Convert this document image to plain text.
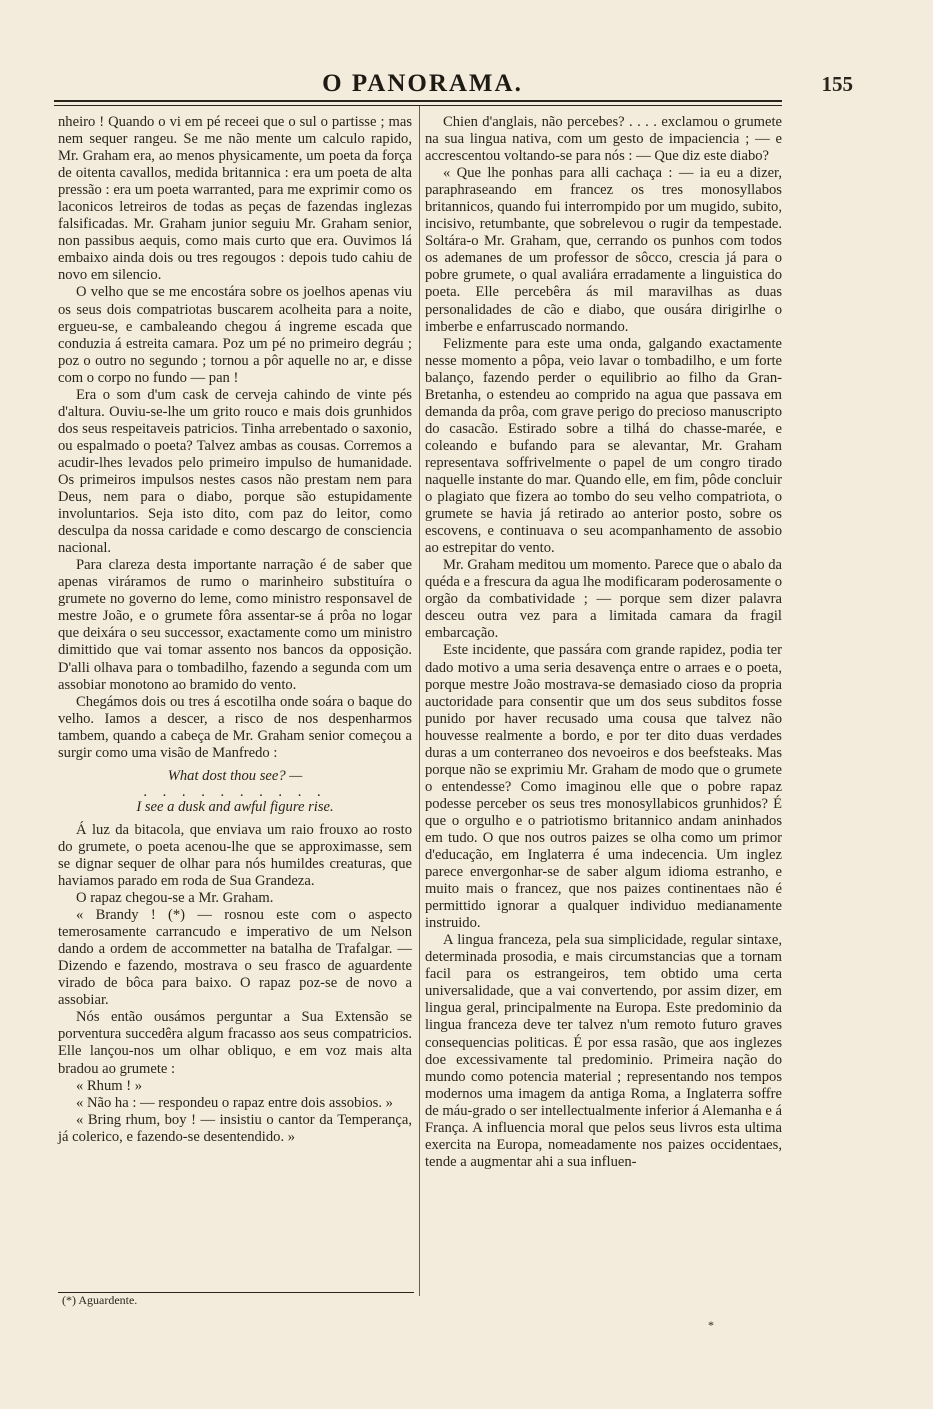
O PANORAMA.	155

nheiro ! Quando o vi em pé receei que o sul o partisse ; mas nem sequer rangeu. Se me não mente um calculo rapido, Mr. Graham era, ao menos physicamente, um poeta da força de oitenta cavallos, medida britannica : era um poeta de alta pressão : era um poeta warranted, para me exprimir como os laconicos letreiros de todas as peças de fazendas inglezas falsificadas. Mr. Graham junior seguiu Mr. Graham senior, non passibus aequis, como mais curto que era. Ouvimos lá embaixo ainda dois ou tres regougos : depois tudo cahiu de novo em silencio.

O velho que se me encostára sobre os joelhos apenas viu os seus dois compatriotas buscarem acolheita para a noite, ergueu-se, e cambaleando chegou á ingreme escada que conduzia á estreita camara. Poz um pé no primeiro degráu ; poz o outro no segundo ; tornou a pôr aquelle no ar, e disse com o corpo no fundo — pan !

Era o som d'um cask de cerveja cahindo de vinte pés d'altura. Ouviu-se-lhe um grito rouco e mais dois grunhidos dos seus respeitaveis patricios. Tinha arrebentado o saxonio, ou espalmado o poeta? Talvez ambas as cousas. Corremos a acudir-lhes levados pelo primeiro impulso de humanidade. Os primeiros impulsos nestes casos não prestam nem para Deus, nem para o diabo, porque são estupidamente involuntarios. Seja isto dito, com paz do leitor, como desculpa da nossa caridade e como descargo de consciencia nacional.

Para clareza desta importante narração é de saber que apenas viráramos de rumo o marinheiro substituíra o grumete no governo do leme, como ministro responsavel de mestre João, e o grumete fôra assentar-se á prôa no logar que deixára o seu successor, exactamente como um ministro dimittido que vai tomar assento nos bancos da opposição. D'alli olhava para o tombadilho, fazendo a segunda com um assobiar monotono ao bramido do vento.

Chegámos dois ou tres á escotilha onde soára o baque do velho. Iamos a descer, a risco de nos despenharmos tambem, quando a cabeça de Mr. Graham senior começou a surgir como uma visão de Manfredo :

What dost thou see? —

. . . . . . . . . .

I see a dusk and awful figure rise.

Á luz da bitacola, que enviava um raio frouxo ao rosto do grumete, o poeta acenou-lhe que se approximasse, sem se dignar sequer de olhar para nós humildes creaturas, que haviamos parado em roda de Sua Grandeza.

O rapaz chegou-se a Mr. Graham.

« Brandy ! (*) — rosnou este com o aspecto temerosamente carrancudo e imperativo de um Nelson dando a ordem de accommetter na batalha de Trafalgar. — Dizendo e fazendo, mostrava o seu frasco de aguardente virado de bôca para baixo. O rapaz poz-se de novo a assobiar.

Nós então ousámos perguntar a Sua Extensão se porventura succedêra algum fracasso aos seus compatricios. Elle lançou-nos um olhar obliquo, e em voz mais alta bradou ao grumete :

« Rhum ! »

« Não ha : — respondeu o rapaz entre dois assobios. »

« Bring rhum, boy ! — insistiu o cantor da Temperança, já colerico, e fazendo-se desentendido. »

(*) Aguardente.

Chien d'anglais, não percebes? . . . . exclamou o grumete na sua lingua nativa, com um gesto de impaciencia ; — e accrescentou voltando-se para nós : — Que diz este diabo?

« Que lhe ponhas para alli cachaça : — ia eu a dizer, paraphraseando em francez os tres monosyllabos britannicos, quando fui interrompido por um mugido, subito, incisivo, retumbante, que sobrelevou o rugir da tempestade. Soltára-o Mr. Graham, que, cerrando os punhos com todos os ademanes de um professor de sôcco, crescia já para o pobre grumete, o qual avaliára erradamente a linguistica do poeta. Elle percebêra ás mil maravilhas as duas personalidades de cão e diabo, que ousára dirigirlhe o imberbe e enfarruscado normando.

Felizmente para este uma onda, galgando exactamente nesse momento a pôpa, veio lavar o tombadilho, e um forte balanço, fazendo perder o equilibrio ao filho da Gran-Bretanha, o estendeu ao comprido na agua que passava em demanda da prôa, com grave perigo do precioso manuscripto do casacão. Estirado sobre a tilhá do chasse-marée, e coleando e bufando para se alevantar, Mr. Graham representava soffrivelmente o papel de um congro tirado naquelle instante do mar. Quando elle, em fim, pôde concluir o plagiato que fizera ao tombo do seu velho compatriota, o grumete se havia já retirado ao anterior posto, sobre os escovens, e continuava o seu acompanhamento de assobio ao estrepitar do vento.

Mr. Graham meditou um momento. Parece que o abalo da quéda e a frescura da agua lhe modificaram poderosamente o orgão da combatividade ; — porque sem dizer palavra desceu outra vez para a limitada camara da fragil embarcação.

Este incidente, que passára com grande rapidez, podia ter dado motivo a uma seria desavença entre o arraes e o poeta, porque mestre João mostrava-se demasiado cioso da propria auctoridade para consentir que um dos seus subditos fosse punido por haver recusado uma cousa que talvez não houvesse realmente a bordo, e por ter dito duas verdades duras a um conterraneo dos nevoeiros e dos beefsteaks. Mas porque não se exprimiu Mr. Graham de modo que o grumete o entendesse? Como imaginou elle que o pobre rapaz podesse perceber os seus tres monosyllabicos grunhidos? É que o orgulho e o patriotismo britannico andam aninhados em tudo. O que nos outros paizes se olha como um primor d'educação, em Inglaterra é uma indecencia. Um inglez parece envergonhar-se de saber algum idioma estranho, e muito mais o francez, que nos paizes continentaes não é permittido ignorar a qualquer individuo medianamente instruido.

A lingua franceza, pela sua simplicidade, regular sintaxe, determinada prosodia, e mais circumstancias que a tornam facil para os estrangeiros, tem obtido uma certa universalidade, que a vai convertendo, por assim dizer, em lingua geral, principalmente na Europa. Este predominio da lingua franceza deve ter talvez n'um remoto futuro graves consequencias politicas. É por essa rasão, que aos inglezes doe excessivamente tal predominio. Primeira nação do mundo como potencia material ; representando nos tempos modernos uma imagem da antiga Roma, a Inglaterra soffre de máu-grado o ser intellectualmente inferior á Alemanha e á França. A influencia moral que pelos seus livros esta ultima exercita na Europa, nomeadamente nos paizes occidentaes, tende a augmentar ahi a sua influen-

*
